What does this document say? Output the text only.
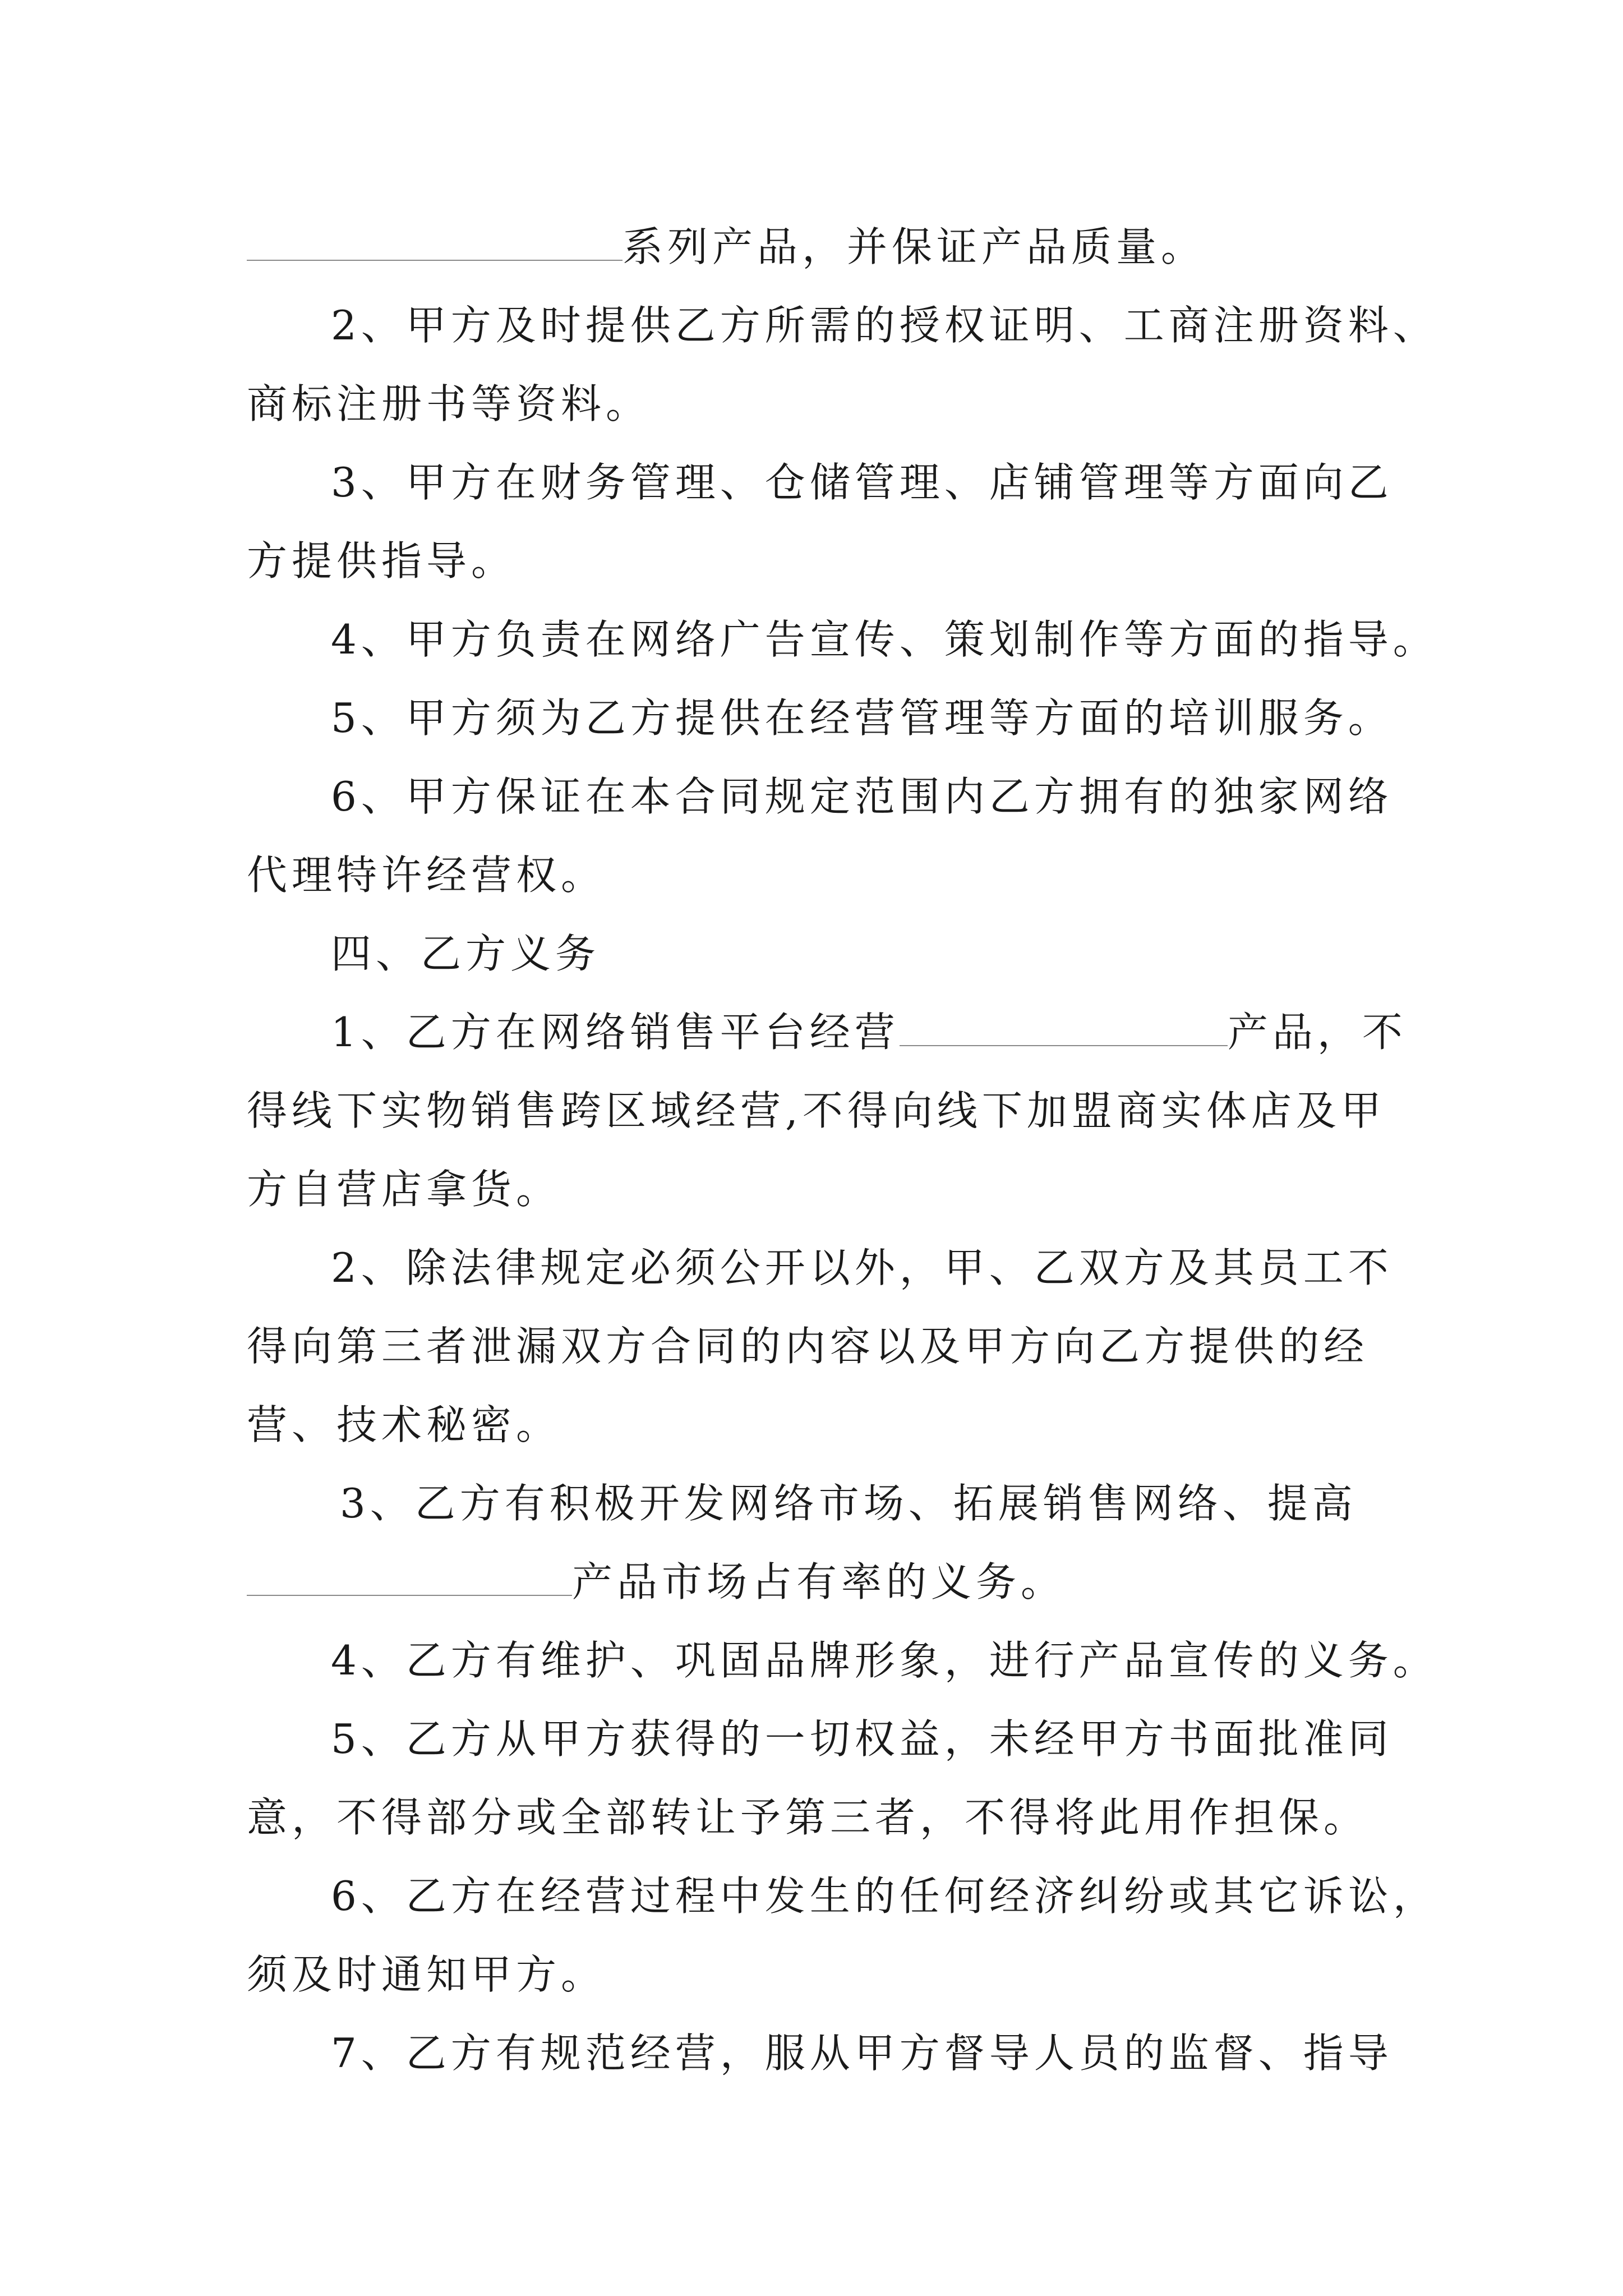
系列产品，并保证产品质量。
2、甲方及时提供乙方所需的授权证明、工商注册资料、
商标注册书等资料。
3、甲方在财务管理、仓储管理、店铺管理等方面向乙
方提供指导。
4、甲方负责在网络广告宣传、策划制作等方面的指导。
5、甲方须为乙方提供在经营管理等方面的培训服务。
6、甲方保证在本合同规定范围内乙方拥有的独家网络
代理特许经营权。
四、乙方义务
1、乙方在网络销售平台经营	产品，不
得线下实物销售跨区域经营,不得向线下加盟商实体店及甲
方自营店拿货。
2、除法律规定必须公开以外，甲、乙双方及其员工不
得向第三者泄漏双方合同的内容以及甲方向乙方提供的经
营、技术秘密。
3、乙方有积极开发网络市场、拓展销售网络、提高
产品市场占有率的义务。
4、乙方有维护、巩固品牌形象，进行产品宣传的义务。
5、乙方从甲方获得的一切权益，未经甲方书面批准同
意，不得部分或全部转让予第三者，不得将此用作担保。
6、乙方在经营过程中发生的任何经济纠纷或其它诉讼，
须及时通知甲方。
7、乙方有规范经营，服从甲方督导人员的监督、指导
